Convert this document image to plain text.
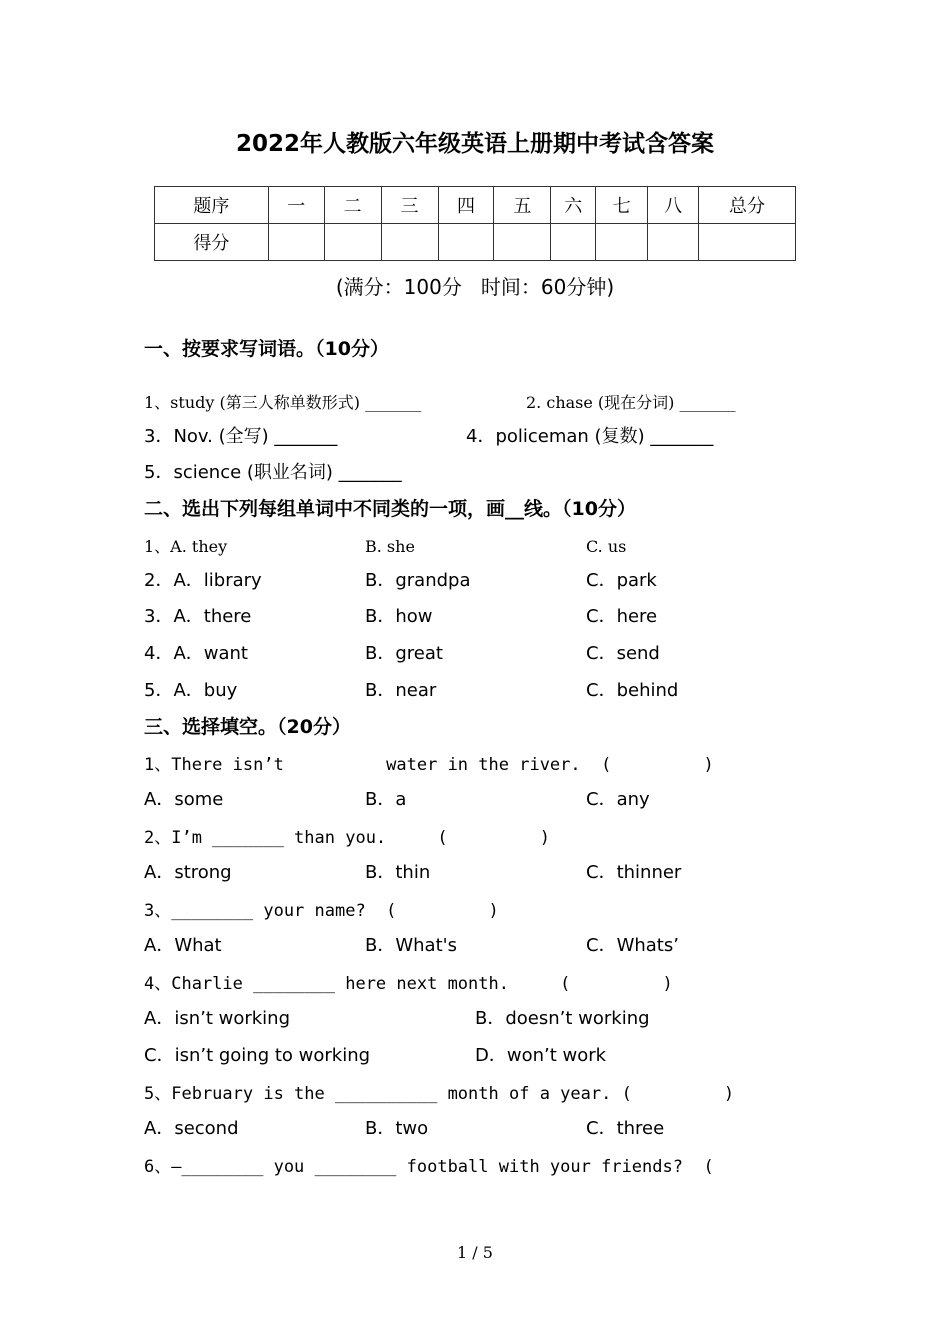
2022年人教版六年级英语上册期中考试含答案
题序	一	二	三	四	五	六	七	八	总分
得分									
(满分：100分   时间：60分钟)
一、按要求写词语。（10分）
1、study (第三人称单数形式) _______	2. chase (现在分词) _______
3．Nov. (全写) _______	4．policeman (复数) _______
5．science (职业名词) _______
二、选出下列每组单词中不同类的一项，画__线。（10分）
1、A. they	B. she	C. us
2．A．library	B．grandpa	C．park
3．A．there	B．how	C．here
4．A．want	B．great	C．send
5．A．buy	B．near	C．behind
三、选择填空。（20分）
1、There isn’t          water in the river.  (         )
A．some	B．a	C．any
2、I’m _______ than you.     (         )
A．strong	B．thin	C．thinner
3、________ your name?  (         )
A．What	B．What's	C．Whats’
4、Charlie ________ here next month.     (         )
A．isn’t working	B．doesn’t working
C．isn’t going to working	D．won’t work
5、February is the __________ month of a year. (         )
A．second	B．two	C．three
6、—________ you ________ football with your friends?  (
1 / 5
